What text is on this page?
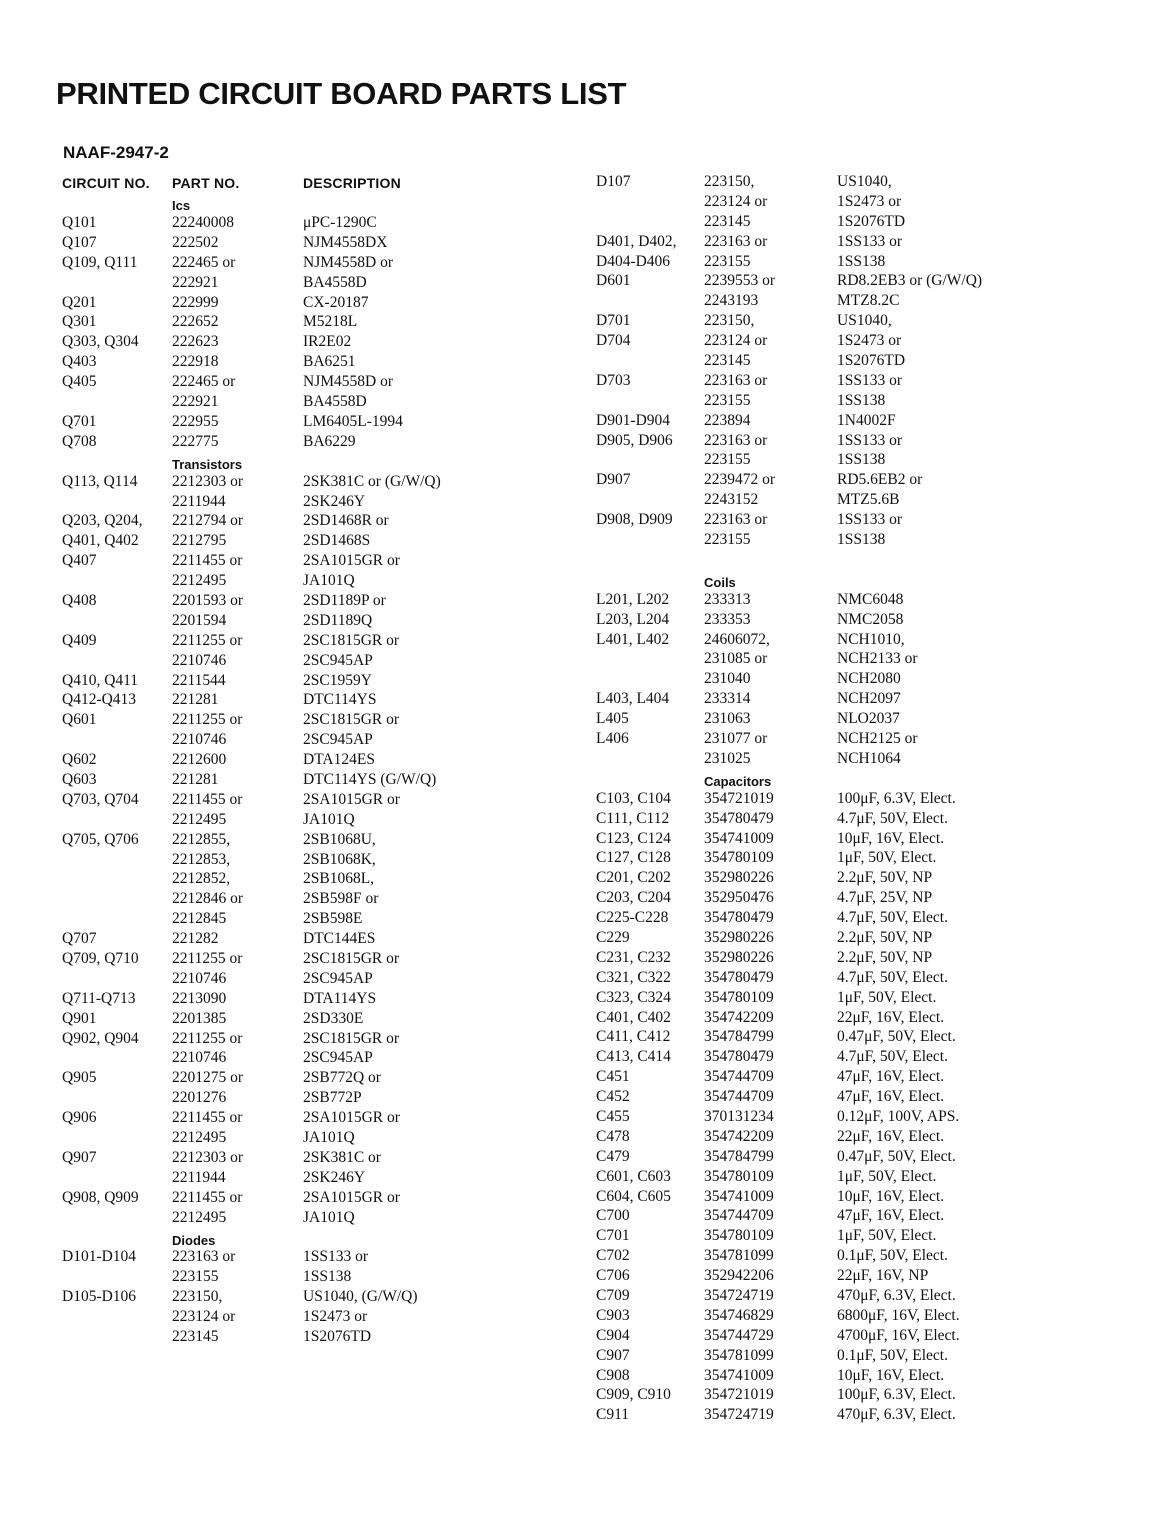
PRINTED CIRCUIT BOARD PARTS LIST
NAAF-2947-2
CIRCUIT NO.	PART NO.	DESCRIPTION
Ics
Q101	22240008	μPC-1290C
Q107	222502	NJM4558DX
Q109, Q111	222465 or	NJM4558D or
222921	BA4558D
Q201	222999	CX-20187
Q301	222652	M5218L
Q303, Q304	222623	IR2E02
Q403	222918	BA6251
Q405	222465 or	NJM4558D or
222921	BA4558D
Q701	222955	LM6405L-1994
Q708	222775	BA6229
Transistors
Q113, Q114	2212303 or	2SK381C or (G/W/Q)
2211944	2SK246Y
Q203, Q204,	2212794 or	2SD1468R or
Q401, Q402	2212795	2SD1468S
Q407	2211455 or	2SA1015GR or
2212495	JA101Q
Q408	2201593 or	2SD1189P or
2201594	2SD1189Q
Q409	2211255 or	2SC1815GR or
2210746	2SC945AP
Q410, Q411	2211544	2SC1959Y
Q412-Q413	221281	DTC114YS
Q601	2211255 or	2SC1815GR or
2210746	2SC945AP
Q602	2212600	DTA124ES
Q603	221281	DTC114YS (G/W/Q)
Q703, Q704	2211455 or	2SA1015GR or
2212495	JA101Q
Q705, Q706	2212855,	2SB1068U,
2212853,	2SB1068K,
2212852,	2SB1068L,
2212846 or	2SB598F or
2212845	2SB598E
Q707	221282	DTC144ES
Q709, Q710	2211255 or	2SC1815GR or
2210746	2SC945AP
Q711-Q713	2213090	DTA114YS
Q901	2201385	2SD330E
Q902, Q904	2211255 or	2SC1815GR or
2210746	2SC945AP
Q905	2201275 or	2SB772Q or
2201276	2SB772P
Q906	2211455 or	2SA1015GR or
2212495	JA101Q
Q907	2212303 or	2SK381C or
2211944	2SK246Y
Q908, Q909	2211455 or	2SA1015GR or
2212495	JA101Q
Diodes
D101-D104	223163 or	1SS133 or
223155	1SS138
D105-D106	223150,	US1040, (G/W/Q)
223124 or	1S2473 or
223145	1S2076TD
D107	223150,	US1040,
223124 or	1S2473 or
223145	1S2076TD
D401, D402,	223163 or	1SS133 or
D404-D406	223155	1SS138
D601	2239553 or	RD8.2EB3 or (G/W/Q)
2243193	MTZ8.2C
D701	223150,	US1040,
D704	223124 or	1S2473 or
223145	1S2076TD
D703	223163 or	1SS133 or
223155	1SS138
D901-D904	223894	1N4002F
D905, D906	223163 or	1SS133 or
223155	1SS138
D907	2239472 or	RD5.6EB2 or
2243152	MTZ5.6B
D908, D909	223163 or	1SS133 or
223155	1SS138
Coils
L201, L202	233313	NMC6048
L203, L204	233353	NMC2058
L401, L402	24606072,	NCH1010,
231085 or	NCH2133 or
231040	NCH2080
L403, L404	233314	NCH2097
L405	231063	NLO2037
L406	231077 or	NCH2125 or
231025	NCH1064
Capacitors
C103, C104	354721019	100μF, 6.3V, Elect.
C111, C112	354780479	4.7μF, 50V, Elect.
C123, C124	354741009	10μF, 16V, Elect.
C127, C128	354780109	1μF, 50V, Elect.
C201, C202	352980226	2.2μF, 50V, NP
C203, C204	352950476	4.7μF, 25V, NP
C225-C228	354780479	4.7μF, 50V, Elect.
C229	352980226	2.2μF, 50V, NP
C231, C232	352980226	2.2μF, 50V, NP
C321, C322	354780479	4.7μF, 50V, Elect.
C323, C324	354780109	1μF, 50V, Elect.
C401, C402	354742209	22μF, 16V, Elect.
C411, C412	354784799	0.47μF, 50V, Elect.
C413, C414	354780479	4.7μF, 50V, Elect.
C451	354744709	47μF, 16V, Elect.
C452	354744709	47μF, 16V, Elect.
C455	370131234	0.12μF, 100V, APS.
C478	354742209	22μF, 16V, Elect.
C479	354784799	0.47μF, 50V, Elect.
C601, C603	354780109	1μF, 50V, Elect.
C604, C605	354741009	10μF, 16V, Elect.
C700	354744709	47μF, 16V, Elect.
C701	354780109	1μF, 50V, Elect.
C702	354781099	0.1μF, 50V, Elect.
C706	352942206	22μF, 16V, NP
C709	354724719	470μF, 6.3V, Elect.
C903	354746829	6800μF, 16V, Elect.
C904	354744729	4700μF, 16V, Elect.
C907	354781099	0.1μF, 50V, Elect.
C908	354741009	10μF, 16V, Elect.
C909, C910	354721019	100μF, 6.3V, Elect.
C911	354724719	470μF, 6.3V, Elect.
